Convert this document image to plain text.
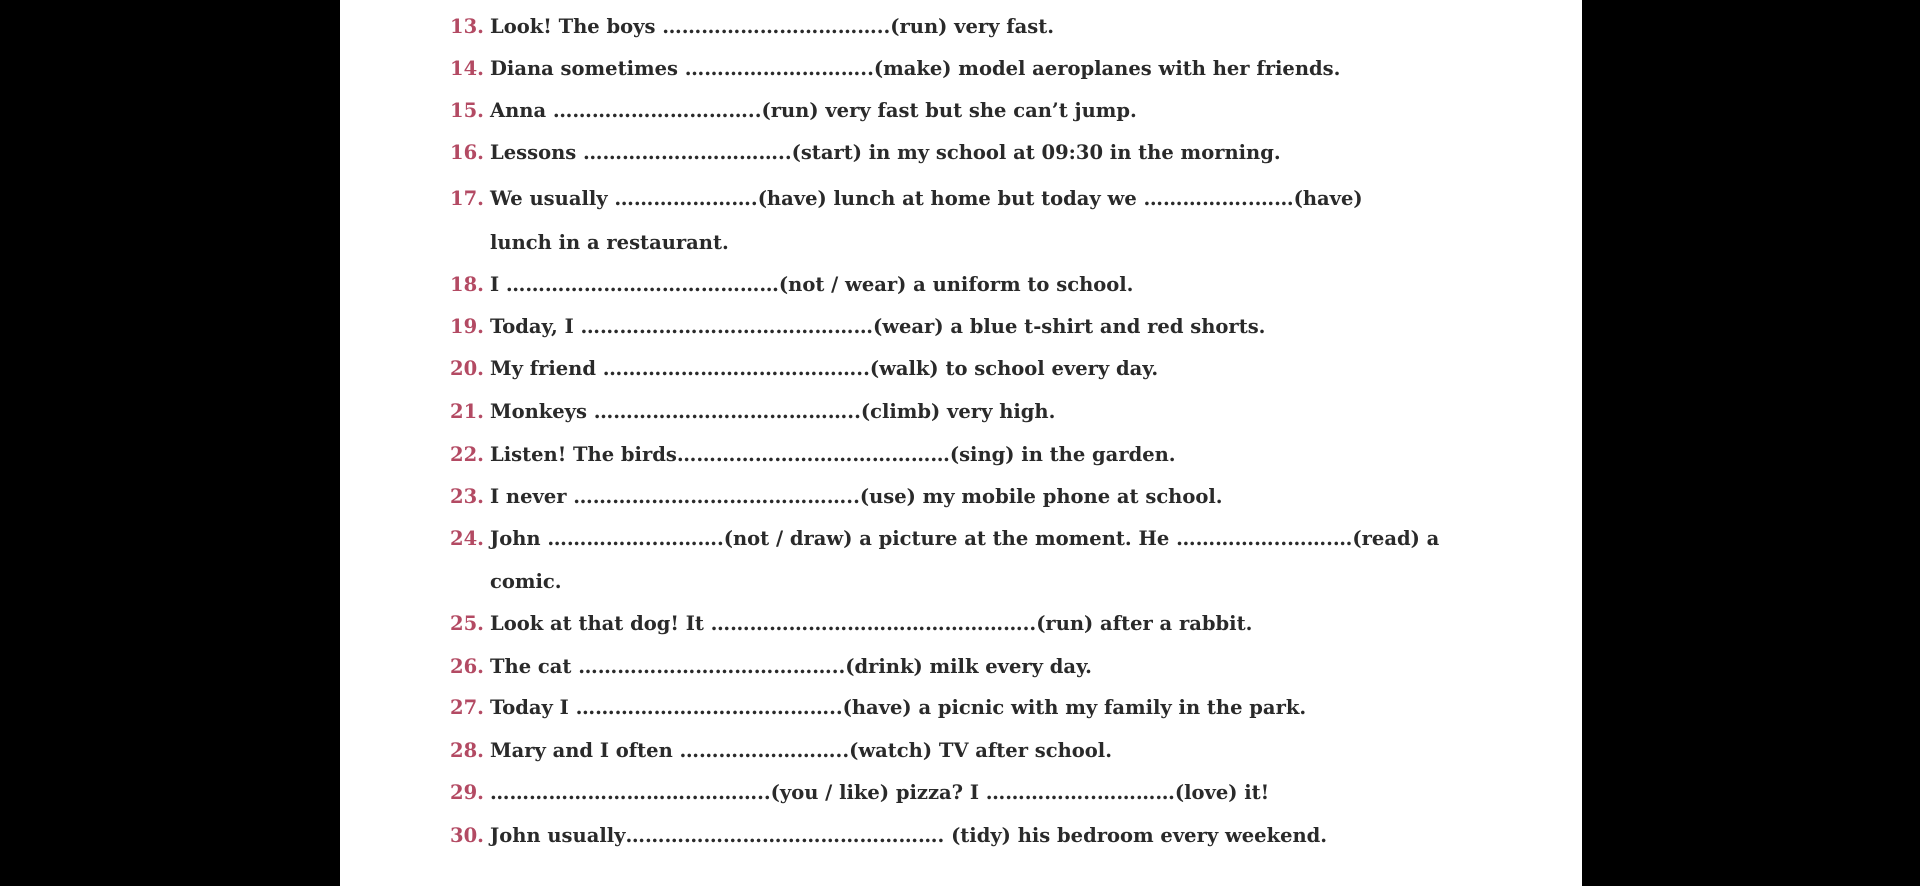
13. Look! The boys ……………………………..(run) very fast.
14. Diana sometimes ………………………..(make) model aeroplanes with her friends.
15. Anna …………………………..(run) very fast but she can’t jump.
16. Lessons …………………………..(start) in my school at 09:30 in the morning.
17. We usually ………………….(have) lunch at home but today we ……………..……(have)
lunch in a restaurant.
18. I ……………………………………(not / wear) a uniform to school.
19. Today, I ………………………………………(wear) a blue t-shirt and red shorts.
20. My friend …………………………………..(walk) to school every day.
21. Monkeys …………………………………..(climb) very high.
22. Listen! The birds……………………………………(sing) in the garden.
23. I never ……………………………………..(use) my mobile phone at school.
24. John ……………..……….(not / draw) a picture at the moment. He ……………..…….…(read) a
comic.
25. Look at that dog! It …………………………………………..(run) after a rabbit.
26. The cat …………………………………..(drink) milk every day.
27. Today I …………………………………..(have) a picnic with my family in the park.
28. Mary and I often ……………………..(watch) TV after school.
29. …………………………..………..(you / like) pizza? I ……………..…………(love) it!
30. John usually…………………………………………. (tidy) his bedroom every weekend.
